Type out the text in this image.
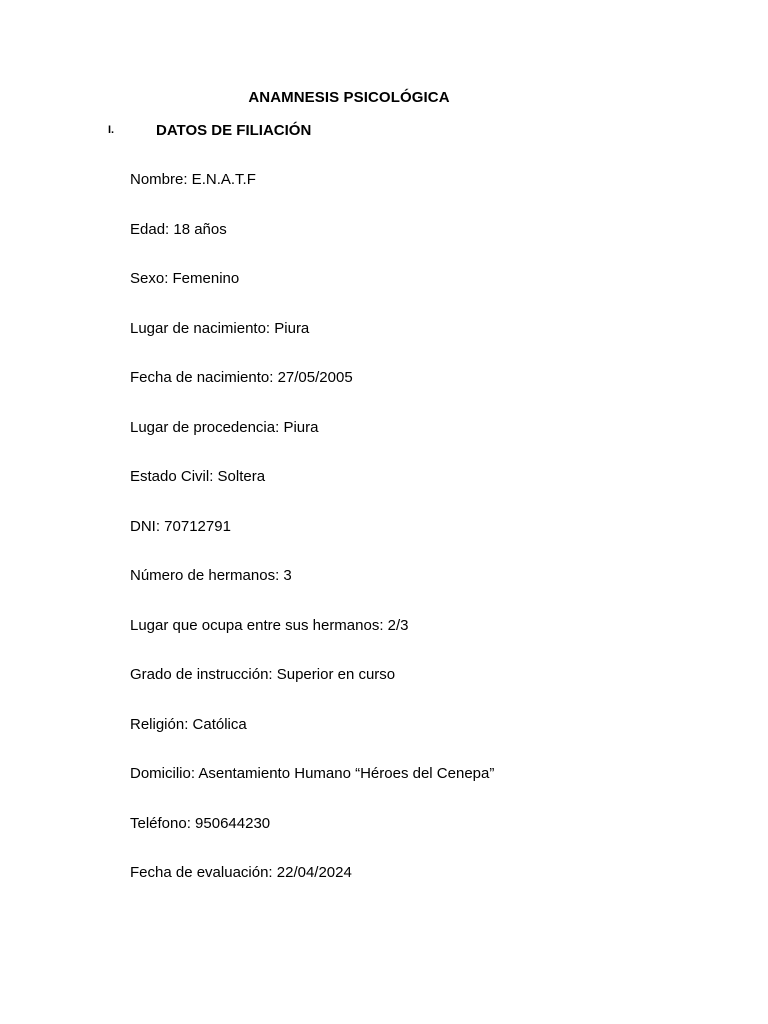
ANAMNESIS PSICOLÓGICA
I.	DATOS DE FILIACIÓN
Nombre: E.N.A.T.F
Edad: 18 años
Sexo: Femenino
Lugar de nacimiento: Piura
Fecha de nacimiento: 27/05/2005
Lugar de procedencia: Piura
Estado Civil: Soltera
DNI: 70712791
Número de hermanos: 3
Lugar que ocupa entre sus hermanos: 2/3
Grado de instrucción: Superior en curso
Religión: Católica
Domicilio: Asentamiento Humano “Héroes del Cenepa”
Teléfono: 950644230
Fecha de evaluación: 22/04/2024
